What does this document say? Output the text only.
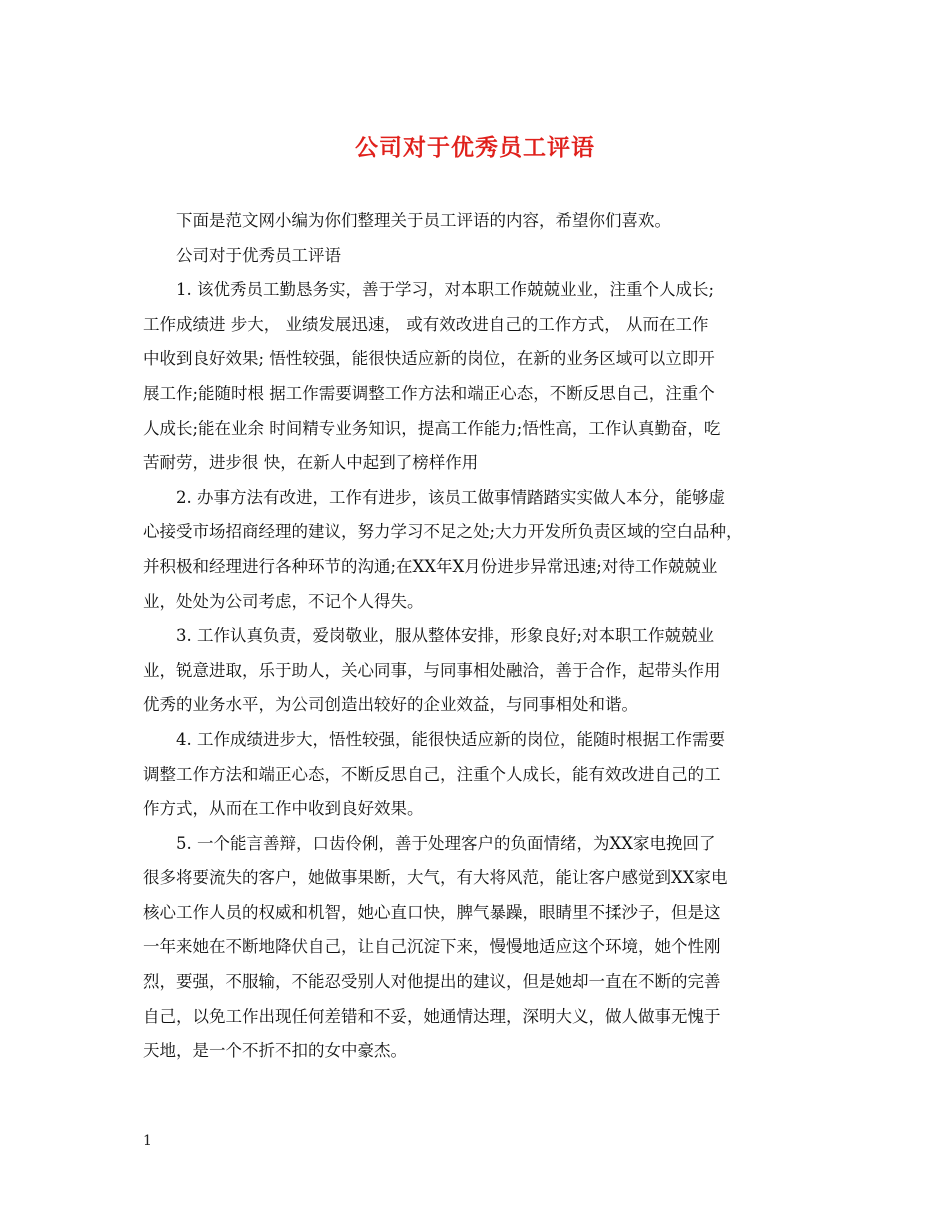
公司对于优秀员工评语
下面是范文网小编为你们整理关于员工评语的内容，希望你们喜欢。
公司对于优秀员工评语
1. 该优秀员工勤恳务实，善于学习，对本职工作兢兢业业，注重个人成长;
工作成绩进 步大， 业绩发展迅速， 或有效改进自己的工作方式， 从而在工作
中收到良好效果; 悟性较强，能很快适应新的岗位，在新的业务区域可以立即开
展工作;能随时根 据工作需要调整工作方法和端正心态，不断反思自己，注重个
人成长;能在业余 时间精专业务知识，提高工作能力;悟性高，工作认真勤奋，吃
苦耐劳，进步很 快，在新人中起到了榜样作用
2. 办事方法有改进，工作有进步，该员工做事情踏踏实实做人本分，能够虚
心接受市场招商经理的建议，努力学习不足之处;大力开发所负责区域的空白品种，
并积极和经理进行各种环节的沟通;在XX年X月份进步异常迅速;对待工作兢兢业
业，处处为公司考虑，不记个人得失。
3. 工作认真负责，爱岗敬业，服从整体安排，形象良好;对本职工作兢兢业
业，锐意进取，乐于助人，关心同事，与同事相处融洽，善于合作，起带头作用
优秀的业务水平，为公司创造出较好的企业效益，与同事相处和谐。
4. 工作成绩进步大，悟性较强，能很快适应新的岗位，能随时根据工作需要
调整工作方法和端正心态，不断反思自己，注重个人成长，能有效改进自己的工
作方式，从而在工作中收到良好效果。
5. 一个能言善辩，口齿伶俐，善于处理客户的负面情绪，为XX家电挽回了
很多将要流失的客户，她做事果断，大气，有大将风范，能让客户感觉到XX家电
核心工作人员的权威和机智，她心直口快，脾气暴躁，眼睛里不揉沙子，但是这
一年来她在不断地降伏自己，让自己沉淀下来，慢慢地适应这个环境，她个性刚
烈，要强，不服输，不能忍受别人对他提出的建议，但是她却一直在不断的完善
自己，以免工作出现任何差错和不妥，她通情达理，深明大义，做人做事无愧于
天地，是一个不折不扣的女中豪杰。
1
